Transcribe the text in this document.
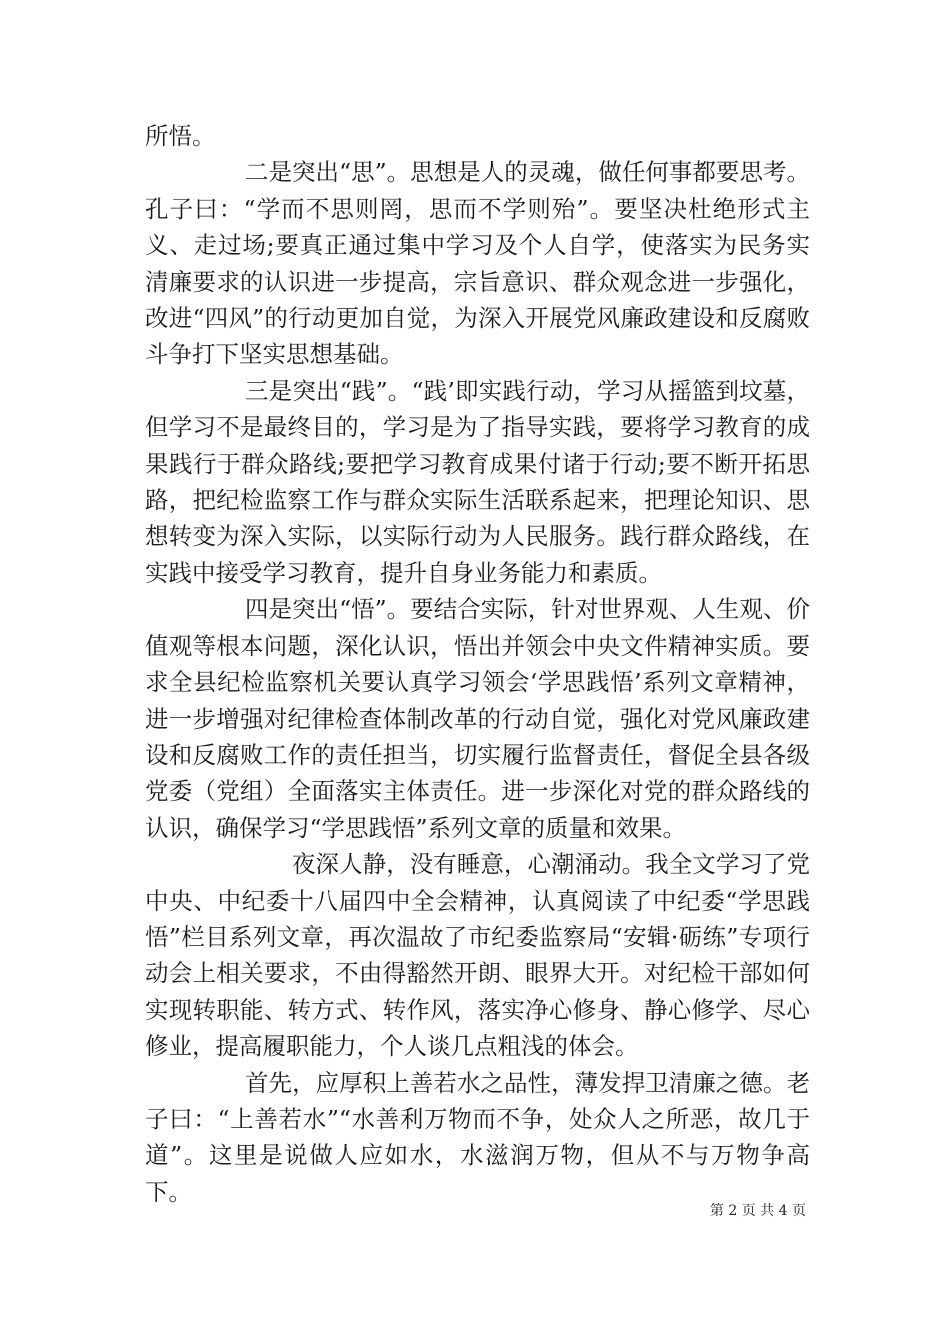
所悟。

二是突出“思”。思想是人的灵魂，做任何事都要思考。孔子曰：“学而不思则罔，思而不学则殆”。要坚决杜绝形式主义、走过场;要真正通过集中学习及个人自学，使落实为民务实清廉要求的认识进一步提高，宗旨意识、群众观念进一步强化，改进“四风”的行动更加自觉，为深入开展党风廉政建设和反腐败斗争打下坚实思想基础。

三是突出“践”。“践’即实践行动，学习从摇篮到坟墓，但学习不是最终目的，学习是为了指导实践，要将学习教育的成果践行于群众路线;要把学习教育成果付诸于行动;要不断开拓思路，把纪检监察工作与群众实际生活联系起来，把理论知识、思想转变为深入实际，以实际行动为人民服务。践行群众路线，在实践中接受学习教育，提升自身业务能力和素质。

四是突出“悟”。要结合实际，针对世界观、人生观、价值观等根本问题，深化认识，悟出并领会中央文件精神实质。要求全县纪检监察机关要认真学习领会‘学思践悟’系列文章精神，进一步增强对纪律检查体制改革的行动自觉，强化对党风廉政建设和反腐败工作的责任担当，切实履行监督责任，督促全县各级党委（党组）全面落实主体责任。进一步深化对党的群众路线的认识，确保学习“学思践悟”系列文章的质量和效果。

夜深人静，没有睡意，心潮涌动。我全文学习了党中央、中纪委十八届四中全会精神，认真阅读了中纪委“学思践悟”栏目系列文章，再次温故了市纪委监察局“安辑·砺练”专项行动会上相关要求，不由得豁然开朗、眼界大开。对纪检干部如何实现转职能、转方式、转作风，落实净心修身、静心修学、尽心修业，提高履职能力，个人谈几点粗浅的体会。

首先，应厚积上善若水之品性，薄发捍卫清廉之德。老子曰：“上善若水”“水善利万物而不争，处众人之所恶，故几于道”。这里是说做人应如水，水滋润万物，但从不与万物争高下。

第 2 页 共 4 页
